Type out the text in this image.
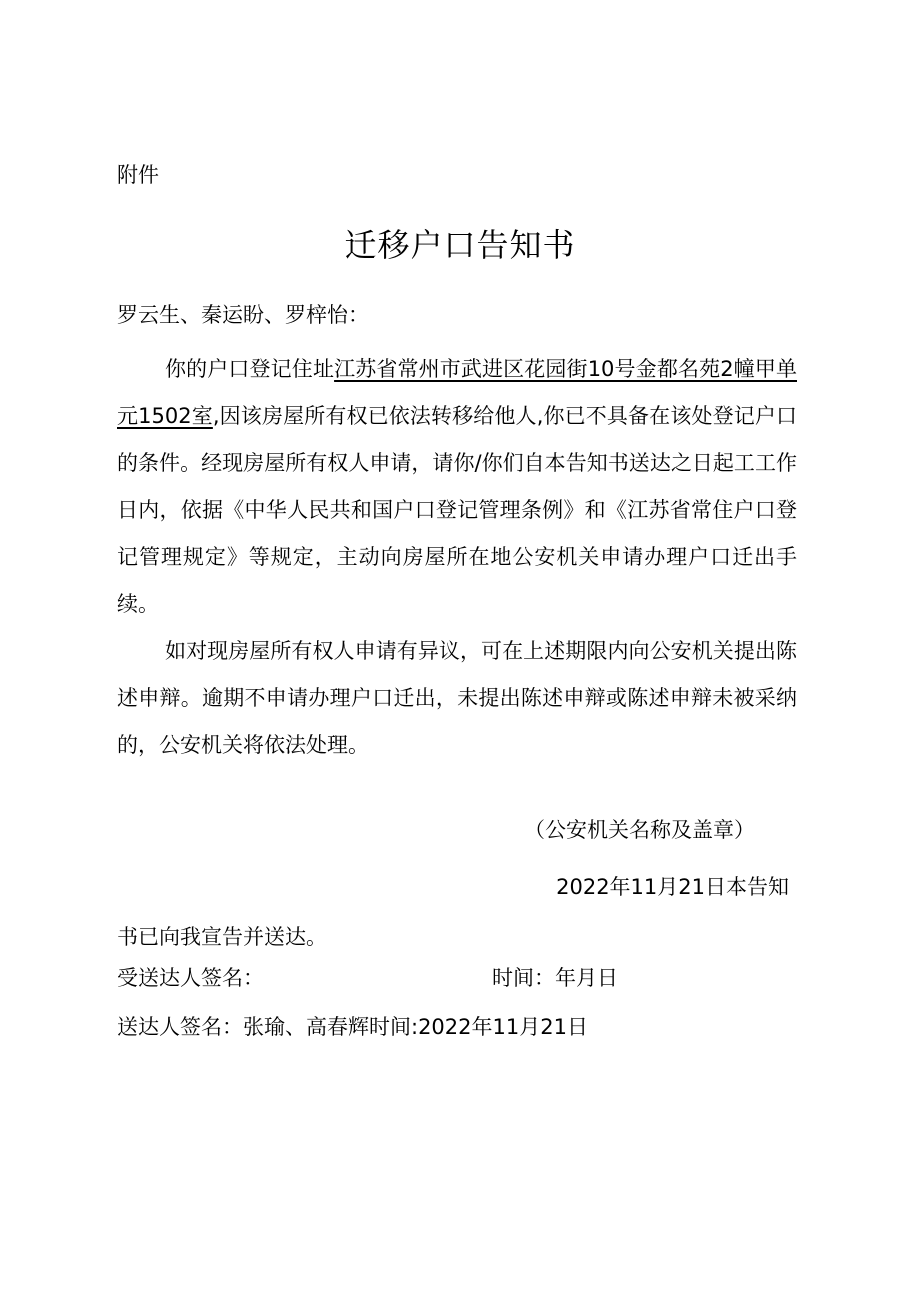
附件
迁移户口告知书
罗云生、秦运盼、罗梓怡：

你的户口登记住址江苏省常州市武进区花园街10号金都名苑2幢甲单元1502室,因该房屋所有权已依法转移给他人,你已不具备在该处登记户口的条件。经现房屋所有权人申请，请你/你们自本告知书送达之日起工工作日内，依据《中华人民共和国户口登记管理条例》和《江苏省常住户口登记管理规定》等规定，主动向房屋所在地公安机关申请办理户口迁出手续。

如对现房屋所有权人申请有异议，可在上述期限内向公安机关提出陈述申辩。逾期不申请办理户口迁出，未提出陈述申辩或陈述申辩未被采纳的，公安机关将依法处理。

（公安机关名称及盖章）
2022年11月21日本告知
书已向我宣告并送达。
受送达人签名：	时间：年月日
送达人签名：张瑜、高春辉时间:2022年11月21日
